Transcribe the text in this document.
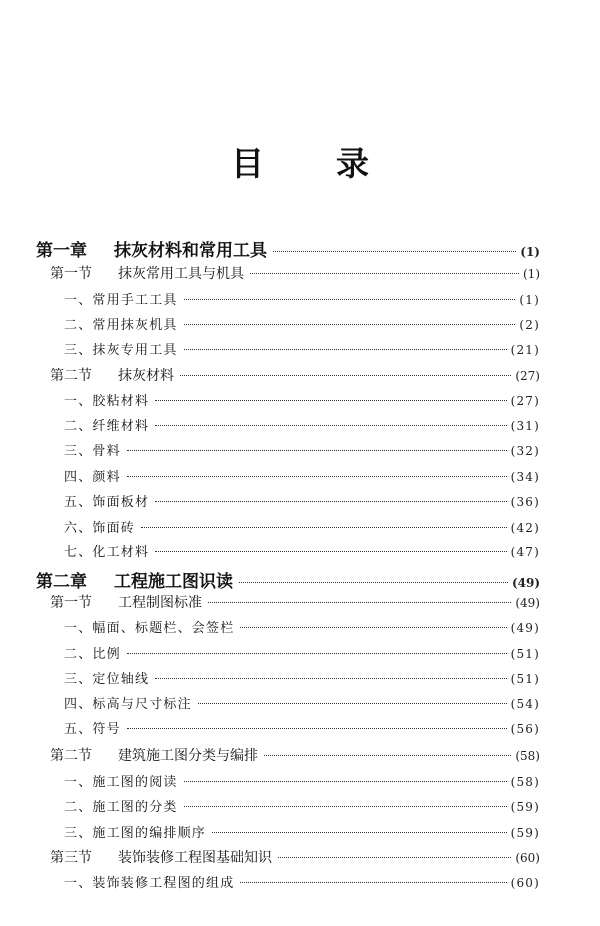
目 录
第一章	抹灰材料和常用工具	(1)
第一节	抹灰常用工具与机具	(1)
一、 常用手工工具	(1)
二、 常用抹灰机具	(2)
三、 抹灰专用工具	(21)
第二节	抹灰材料	(27)
一、 胶粘材料	(27)
二、 纤维材料	(31)
三、 骨料	(32)
四、 颜料	(34)
五、 饰面板材	(36)
六、 饰面砖	(42)
七、 化工材料	(47)
第二章	工程施工图识读	(49)
第一节	工程制图标准	(49)
一、 幅面、标题栏、会签栏	(49)
二、 比例	(51)
三、 定位轴线	(51)
四、 标高与尺寸标注	(54)
五、 符号	(56)
第二节	建筑施工图分类与编排	(58)
一、 施工图的阅读	(58)
二、 施工图的分类	(59)
三、 施工图的编排顺序	(59)
第三节	装饰装修工程图基础知识	(60)
一、 装饰装修工程图的组成	(60)
